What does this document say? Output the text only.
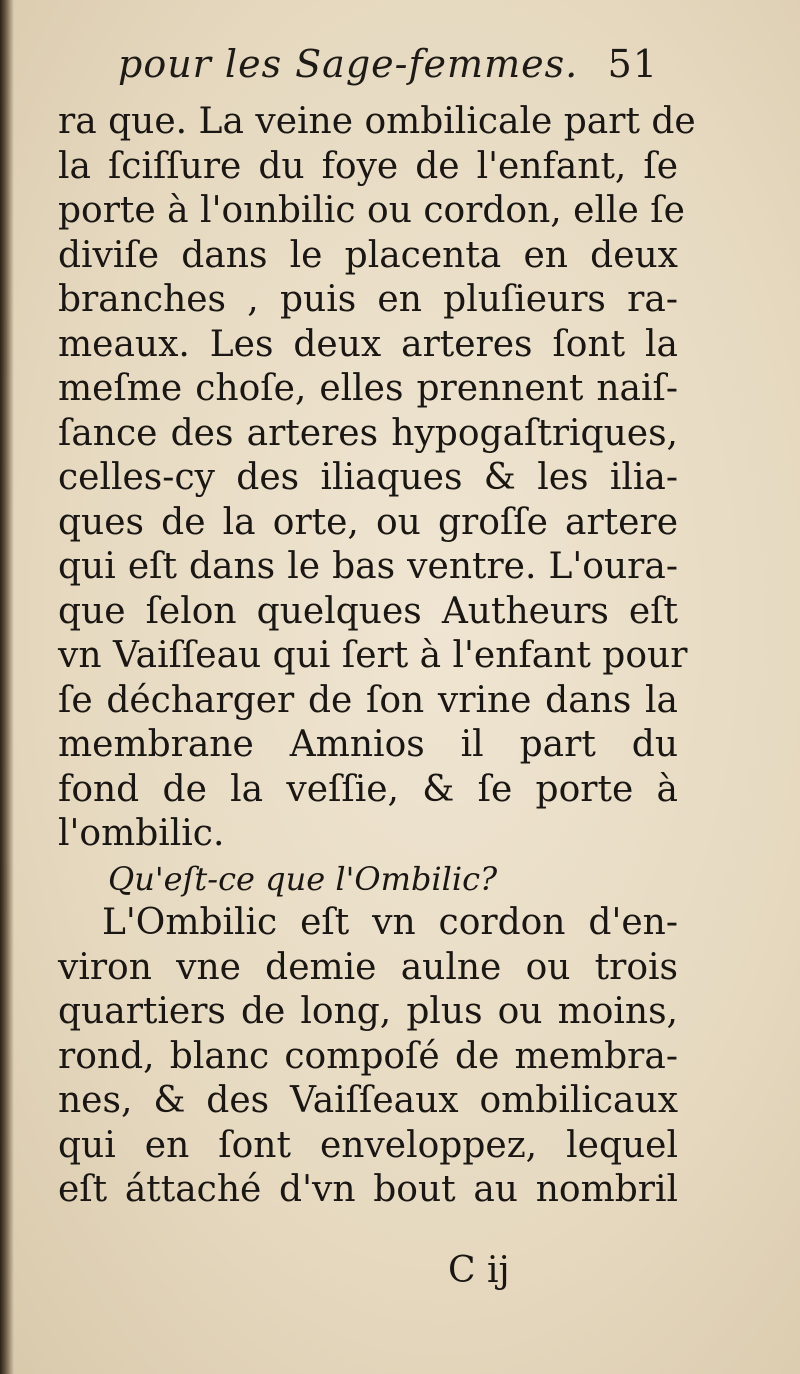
pour les Sage-femmes. 51
ra que. La veine ombilicale part de
la ſciſſure du foye de l'enfant, ſe
porte à l'oınbilic ou cordon, elle ſe
diviſe dans le placenta en deux
branches , puis en pluſieurs ra-
meaux. Les deux arteres ſont la
meſme choſe, elles prennent naiſ-
ſance des arteres hypogaſtriques,
celles-cy des iliaques & les ilia-
ques de la orte, ou groſſe artere
qui eſt dans le bas ventre. L'oura-
que ſelon quelques Autheurs eſt
vn Vaiſſeau qui ſert à l'enfant pour
ſe décharger de ſon vrine dans la
membrane Amnios il part du
fond de la veſſie, & ſe porte à
l'ombilic.
Qu'eſt-ce que l'Ombilic?
L'Ombilic eſt vn cordon d'en-
viron vne demie aulne ou trois
quartiers de long, plus ou moins,
rond, blanc compoſé de membra-
nes, & des Vaiſſeaux ombilicaux
qui en ſont enveloppez, lequel
eſt áttaché d'vn bout au nombril
C ij
